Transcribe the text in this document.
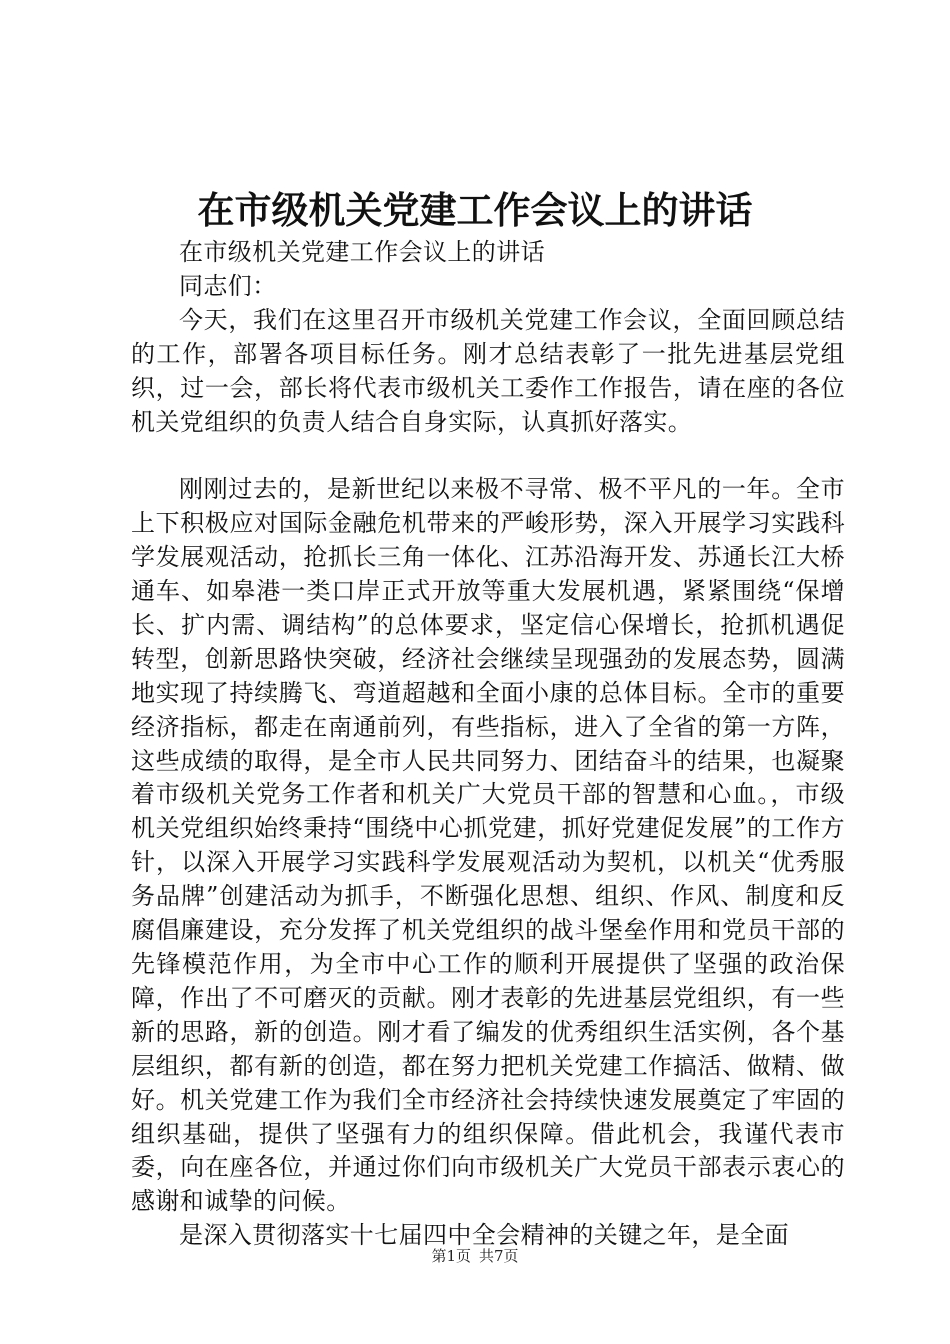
在市级机关党建工作会议上的讲话

在市级机关党建工作会议上的讲话

同志们：

今天，我们在这里召开市级机关党建工作会议，全面回顾总结的工作，部署各项目标任务。刚才总结表彰了一批先进基层党组织，过一会，部长将代表市级机关工委作工作报告，请在座的各位机关党组织的负责人结合自身实际，认真抓好落实。

刚刚过去的，是新世纪以来极不寻常、极不平凡的一年。全市上下积极应对国际金融危机带来的严峻形势，深入开展学习实践科学发展观活动，抢抓长三角一体化、江苏沿海开发、苏通长江大桥通车、如皋港一类口岸正式开放等重大发展机遇，紧紧围绕“保增长、扩内需、调结构”的总体要求，坚定信心保增长，抢抓机遇促转型，创新思路快突破，经济社会继续呈现强劲的发展态势，圆满地实现了持续腾飞、弯道超越和全面小康的总体目标。全市的重要经济指标，都走在南通前列，有些指标，进入了全省的第一方阵，这些成绩的取得，是全市人民共同努力、团结奋斗的结果，也凝聚着市级机关党务工作者和机关广大党员干部的智慧和心血。，市级机关党组织始终秉持“围绕中心抓党建，抓好党建促发展”的工作方针，以深入开展学习实践科学发展观活动为契机，以机关“优秀服务品牌”创建活动为抓手，不断强化思想、组织、作风、制度和反腐倡廉建设，充分发挥了机关党组织的战斗堡垒作用和党员干部的先锋模范作用，为全市中心工作的顺利开展提供了坚强的政治保障，作出了不可磨灭的贡献。刚才表彰的先进基层党组织，有一些新的思路，新的创造。刚才看了编发的优秀组织生活实例，各个基层组织，都有新的创造，都在努力把机关党建工作搞活、做精、做好。机关党建工作为我们全市经济社会持续快速发展奠定了牢固的组织基础，提供了坚强有力的组织保障。借此机会，我谨代表市委，向在座各位，并通过你们向市级机关广大党员干部表示衷心的感谢和诚挚的问候。

是深入贯彻落实十七届四中全会精神的关键之年，是全面

第1页 共7页
